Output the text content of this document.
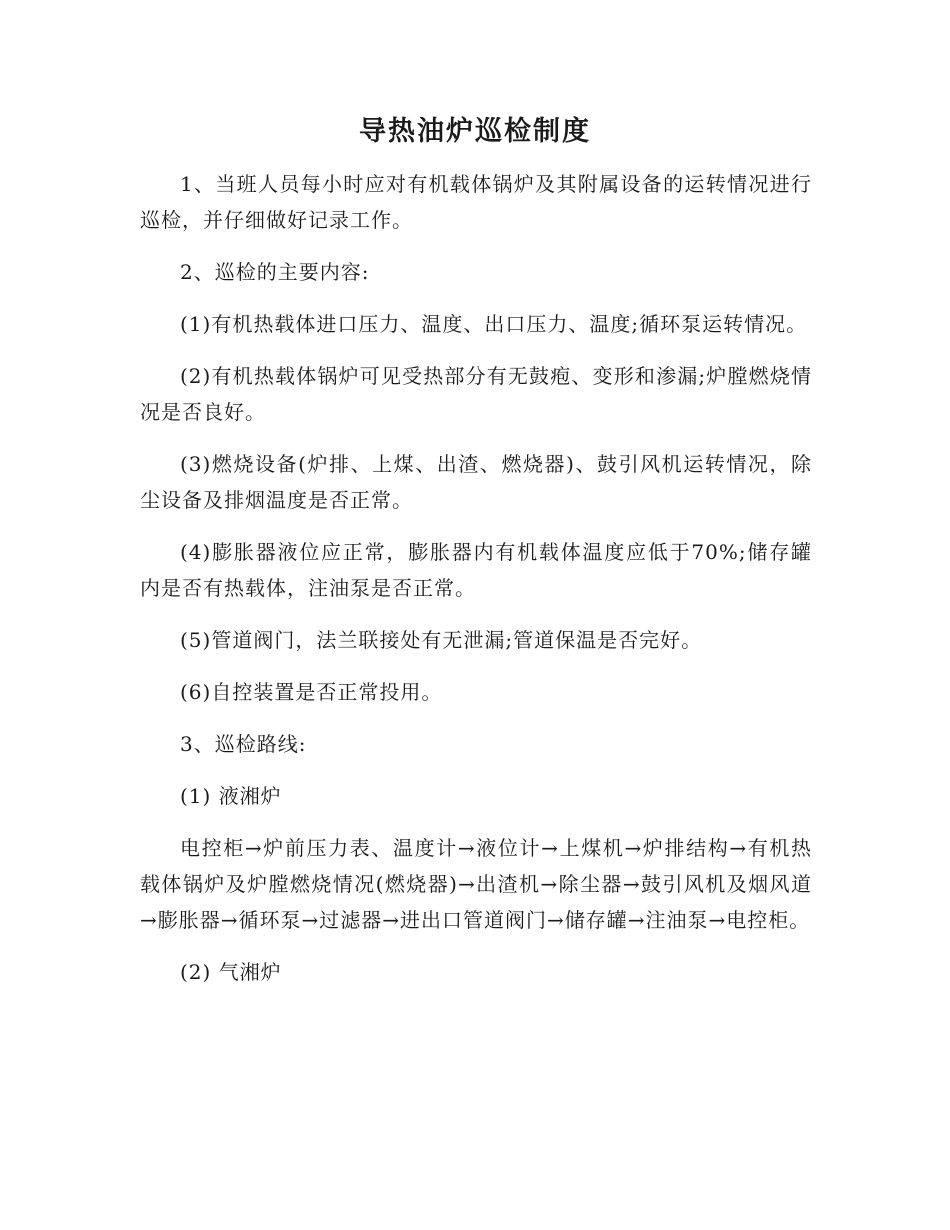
导热油炉巡检制度

1、当班人员每小时应对有机载体锅炉及其附属设备的运转情况进行巡检，并仔细做好记录工作。

2、巡检的主要内容:

(1)有机热载体进口压力、温度、出口压力、温度;循环泵运转情况。

(2)有机热载体锅炉可见受热部分有无鼓疱、变形和渗漏;炉膛燃烧情况是否良好。

(3)燃烧设备(炉排、上煤、出渣、燃烧器)、鼓引风机运转情况，除尘设备及排烟温度是否正常。

(4)膨胀器液位应正常，膨胀器内有机载体温度应低于70%;储存罐内是否有热载体，注油泵是否正常。

(5)管道阀门，法兰联接处有无泄漏;管道保温是否完好。

(6)自控装置是否正常投用。

3、巡检路线:

(1) 液湘炉

电控柜→炉前压力表、温度计→液位计→上煤机→炉排结构→有机热载体锅炉及炉膛燃烧情况(燃烧器)→出渣机→除尘器→鼓引风机及烟风道→膨胀器→循环泵→过滤器→进出口管道阀门→储存罐→注油泵→电控柜。

(2) 气湘炉
